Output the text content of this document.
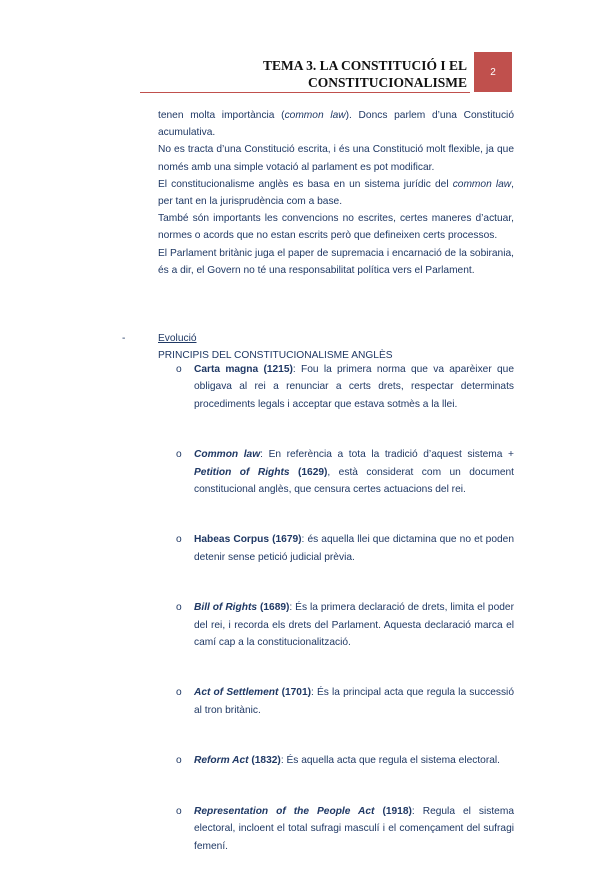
TEMA 3. LA CONSTITUCIÓ I EL
CONSTITUCIONALISME
2

tenen molta importància (common law). Doncs parlem d’una Constitució acumulativa.

No es tracta d’una Constitució escrita, i és una Constitució molt flexible, ja que només amb una simple votació al parlament es pot modificar.

El constitucionalisme anglès es basa en un sistema jurídic del common law, per tant en la jurisprudència com a base.

També són importants les convencions no escrites, certes maneres d’actuar, normes o acords que no estan escrits però que defineixen certs processos.

El Parlament britànic juga el paper de supremacia i encarnació de la sobirania, és a dir, el Govern no té una responsabilitat política vers el Parlament.

-	Evolució
PRINCIPIS DEL CONSTITUCIONALISME ANGLÈS
o Carta magna (1215): Fou la primera norma que va aparèixer que obligava al rei a renunciar a certs drets, respectar determinats procediments legals i acceptar que estava sotmès a la llei.
o Common law: En referència a tota la tradició d’aquest sistema + Petition of Rights (1629), està considerat com un document constitucional anglès, que censura certes actuacions del rei.
o Habeas Corpus (1679): és aquella llei que dictamina que no et poden detenir sense petició judicial prèvia.
o Bill of Rights (1689): És la primera declaració de drets, limita el poder del rei, i recorda els drets del Parlament. Aquesta declaració marca el camí cap a la constitucionalització.
o Act of Settlement (1701): És la principal acta que regula la successió al tron britànic.
o Reform Act (1832): És aquella acta que regula el sistema electoral.
o Representation of the People Act (1918): Regula el sistema electoral, incloent el total sufragi masculí i el començament del sufragi femení.
